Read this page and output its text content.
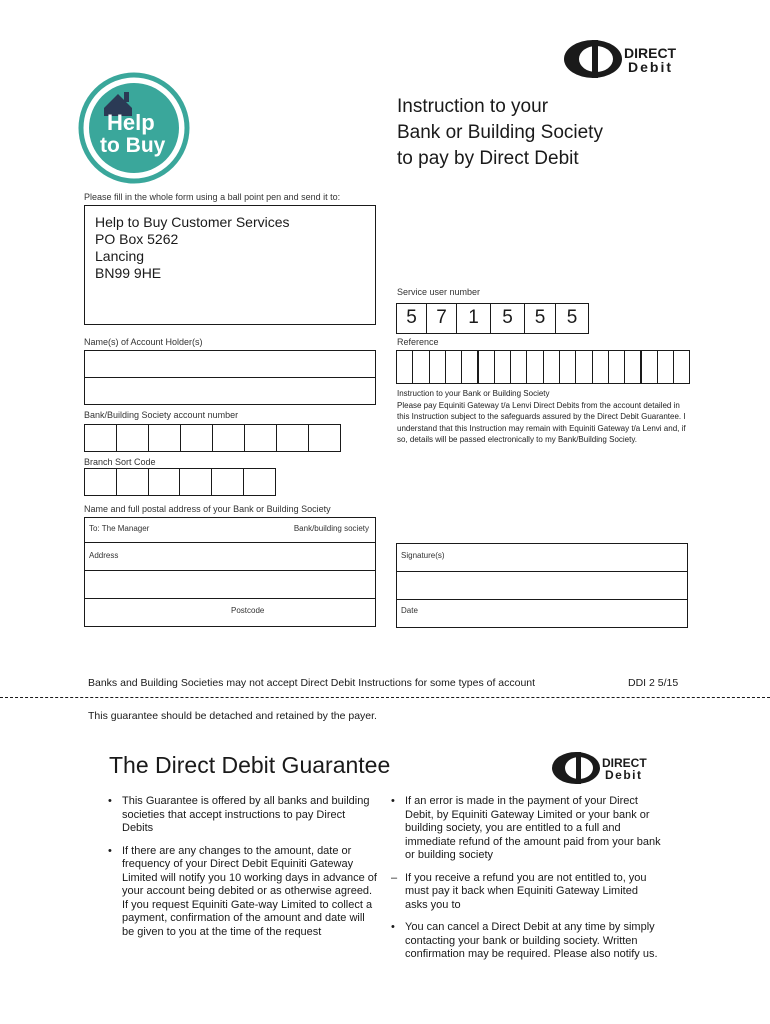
Help
to Buy
DIRECT
Debit
Instruction to your
Bank or Building Society
to pay by Direct Debit
Please fill in the whole form using a ball point pen and send it to:
Help to Buy Customer Services
PO Box 5262
Lancing
BN99 9HE
Service user number
5	7	1	5	5	5
Name(s) of Account Holder(s)	Reference
Instruction to your Bank or Building Society
Please pay Equiniti Gateway t/a Lenvi Direct Debits from the account detailed in this Instruction subject to the safeguards assured by the Direct Debit Guarantee. I understand that this Instruction may remain with Equiniti Gateway t/a Lenvi and, if so, details will be passed electronically to my Bank/Building Society.
Bank/Building Society account number
Branch Sort Code
Name and full postal address of your Bank or Building Society
To: The Manager	Bank/building society
Address
Postcode
Signature(s)
Date
Banks and Building Societies may not accept Direct Debit Instructions for some types of account	DDI 2 5/15
This guarantee should be detached and retained by the payer.
The Direct Debit Guarantee	DIRECT
Debit
• This Guarantee is offered by all banks and building societies that accept instructions to pay Direct Debits
• If there are any changes to the amount, date or frequency of your Direct Debit Equiniti Gateway Limited will notify you 10 working days in advance of your account being debited or as otherwise agreed. If you request Equiniti Gate-way Limited to collect a payment, confirmation of the amount and date will be given to you at the time of the request
• If an error is made in the payment of your Direct Debit, by Equiniti Gateway Limited or your bank or building society, you are entitled to a full and immediate refund of the amount paid from your bank or building society
– If you receive a refund you are not entitled to, you must pay it back when Equiniti Gateway Limited asks you to
• You can cancel a Direct Debit at any time by simply contacting your bank or building society. Written confirmation may be required. Please also notify us.
